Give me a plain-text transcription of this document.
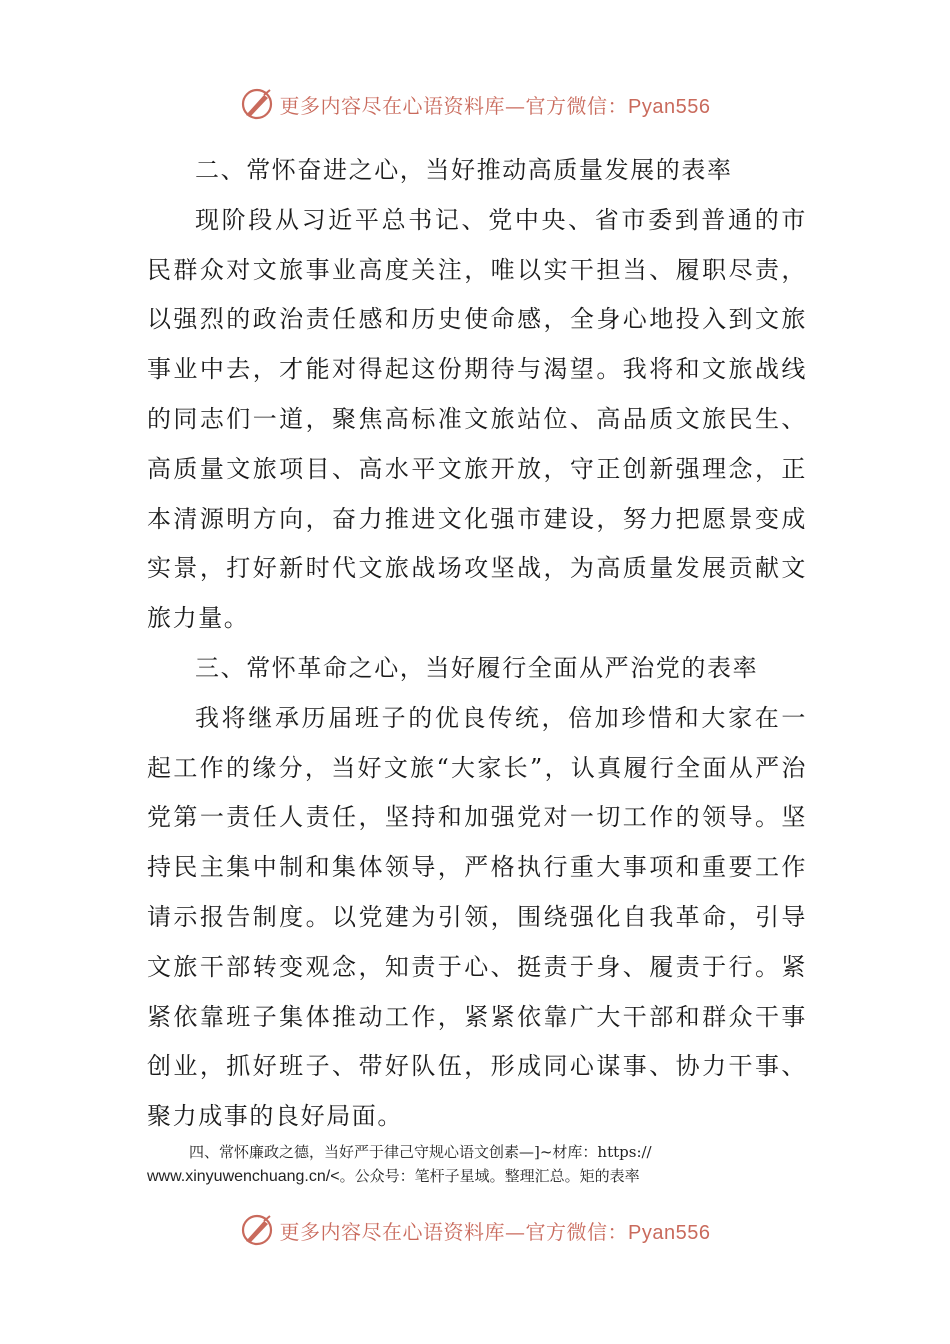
更多内容尽在心语资料库—官方微信：Pyan556

二、常怀奋进之心，当好推动高质量发展的表率

现阶段从习近平总书记、党中央、省市委到普通的市民群众对文旅事业高度关注，唯以实干担当、履职尽责，以强烈的政治责任感和历史使命感，全身心地投入到文旅事业中去，才能对得起这份期待与渴望。我将和文旅战线的同志们一道，聚焦高标准文旅站位、高品质文旅民生、高质量文旅项目、高水平文旅开放，守正创新强理念，正本清源明方向，奋力推进文化强市建设，努力把愿景变成实景，打好新时代文旅战场攻坚战，为高质量发展贡献文旅力量。

三、常怀革命之心，当好履行全面从严治党的表率

我将继承历届班子的优良传统，倍加珍惜和大家在一起工作的缘分，当好文旅“大家长”，认真履行全面从严治党第一责任人责任，坚持和加强党对一切工作的领导。坚持民主集中制和集体领导，严格执行重大事项和重要工作请示报告制度。以党建为引领，围绕强化自我革命，引导文旅干部转变观念，知责于心、挺责于身、履责于行。紧紧依靠班子集体推动工作，紧紧依靠广大干部和群众干事创业，抓好班子、带好队伍，形成同心谋事、协力干事、聚力成事的良好局面。

四、常怀廉政之德，当好严于律己守规心语文创素—]~材库：https://
www.xinyuwenchuang.cn/<。公众号：笔杆子星域。整理汇总。矩的表率
更多内容尽在心语资料库—官方微信：Pyan556
